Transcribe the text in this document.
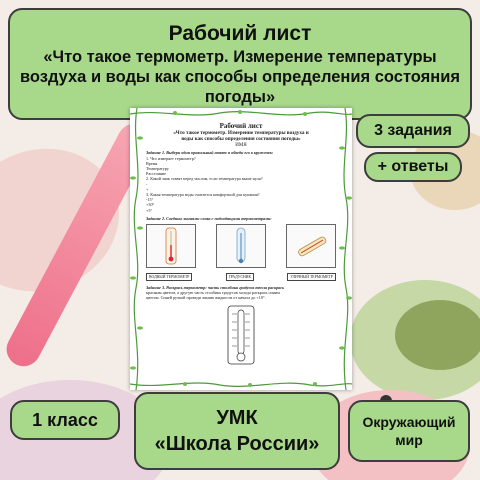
Рабочий лист
«Что такое термометр. Измерение температуры воздуха и воды как способы определения состояния погоды»
Рабочий лист
«Что такое термометр. Измерение температуры воздуха и
воды как способы определения состояния погоды»
ИМЯ
Задание 1. Выбери один правильный ответ и обведи его в кружочек:
1. Что измеряет термометр?
Время
Температуру
Расстояние
2. Какой знак ставят перед числом, если температура выше нуля?
-
+
3. Какая температура воды считается комфортной для купания?
-15°
+30°
+5°
Задание 2. Соедини линиями слова с подходящими термометрами:
ВОДНЫЙ ТЕРМОМЕТР	ГРАДУСНИК	УЛИЧНЫЙ ТЕРМОМЕТР
Задание 3. Раскрась термометр: часть столбика градусов тепла раскрась
красным цветом, а другую часть столбика градусов холода раскрась синим
цветом. Синей ручкой проведи линию жидкости от начала до +10°.
3 задания
+ ответы
1 класс	УМК
«Школа России»
Окружающий
мир
